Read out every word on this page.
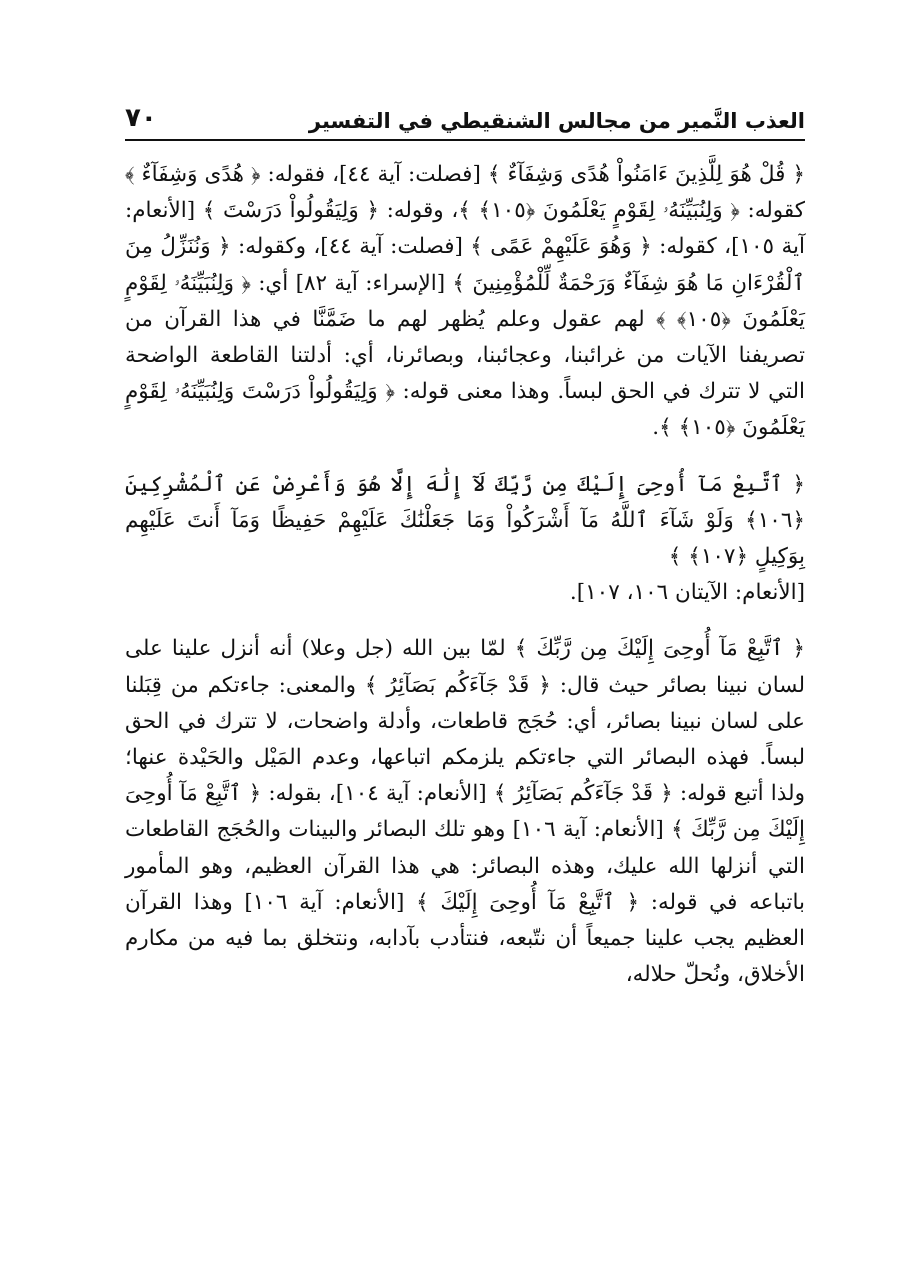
العذب النَّمير من مجالس الشنقيطي في التفسير
٧٠

﴿ قُلْ هُوَ لِلَّذِينَ ءَامَنُواْ هُدًى وَشِفَآءٌ ﴾ [فصلت: آية ٤٤]، فقوله: ﴿ هُدًى وَشِفَآءٌ ﴾ كقوله: ﴿ وَلِنُبَيِّنَهُۥ لِقَوْمٍ يَعْلَمُونَ ﴿١٠٥﴾ ﴾، وقوله: ﴿ وَلِيَقُولُواْ دَرَسْتَ ﴾ [الأنعام: آية ١٠٥]، كقوله: ﴿ وَهُوَ عَلَيْهِمْ عَمًى ﴾ [فصلت: آية ٤٤]، وكقوله: ﴿ وَنُنَزِّلُ مِنَ ٱلْقُرْءَانِ مَا هُوَ شِفَآءٌ وَرَحْمَةٌ لِّلْمُؤْمِنِينَ ﴾ [الإسراء: آية ٨٢] أي: ﴿ وَلِنُبَيِّنَهُۥ لِقَوْمٍ يَعْلَمُونَ ﴿١٠٥﴾ ﴾ لهم عقول وعلم يُظهر لهم ما ضَمَّنَّا في هذا القرآن من تصريفنا الآيات من غرائبنا، وعجائبنا، وبصائرنا، أي: أدلتنا القاطعة الواضحة التي لا تترك في الحق لبساً. وهذا معنى قوله: ﴿ وَلِيَقُولُواْ دَرَسْتَ وَلِنُبَيِّنَهُۥ لِقَوْمٍ يَعْلَمُونَ ﴿١٠٥﴾ ﴾.

﴿ ٱتَّبِعْ مَآ أُوحِىَ إِلَيْكَ مِن رَّبِّكَ لَآ إِلَٰهَ إِلَّا هُوَ وَأَعْرِضْ عَنِ ٱلْمُشْرِكِينَ ﴿١٠٦﴾ وَلَوْ شَآءَ ٱللَّهُ مَآ أَشْرَكُواْ وَمَا جَعَلْنَٰكَ عَلَيْهِمْ حَفِيظًا وَمَآ أَنتَ عَلَيْهِم بِوَكِيلٍ ﴿١٠٧﴾ ﴾

[الأنعام: الآيتان ١٠٦، ١٠٧].

﴿ ٱتَّبِعْ مَآ أُوحِىَ إِلَيْكَ مِن رَّبِّكَ ﴾ لمّا بين الله (جل وعلا) أنه أنزل علينا على لسان نبينا بصائر حيث قال: ﴿ قَدْ جَآءَكُم بَصَآئِرُ ﴾ والمعنى: جاءتكم من قِبَلنا على لسان نبينا بصائر، أي: حُجَج قاطعات، وأدلة واضحات، لا تترك في الحق لبساً. فهذه البصائر التي جاءتكم يلزمكم اتباعها، وعدم المَيْل والحَيْدة عنها؛ ولذا أتبع قوله: ﴿ قَدْ جَآءَكُم بَصَآئِرُ ﴾ [الأنعام: آية ١٠٤]، بقوله: ﴿ ٱتَّبِعْ مَآ أُوحِىَ إِلَيْكَ مِن رَّبِّكَ ﴾ [الأنعام: آية ١٠٦] وهو تلك البصائر والبينات والحُجَج القاطعات التي أنزلها الله عليك، وهذه البصائر: هي هذا القرآن العظيم، وهو المأمور باتباعه في قوله: ﴿ ٱتَّبِعْ مَآ أُوحِىَ إِلَيْكَ ﴾ [الأنعام: آية ١٠٦] وهذا القرآن العظيم يجب علينا جميعاً أن نتّبعه، فنتأدب بآدابه، ونتخلق بما فيه من مكارم الأخلاق، ونُحلّ حلاله،
